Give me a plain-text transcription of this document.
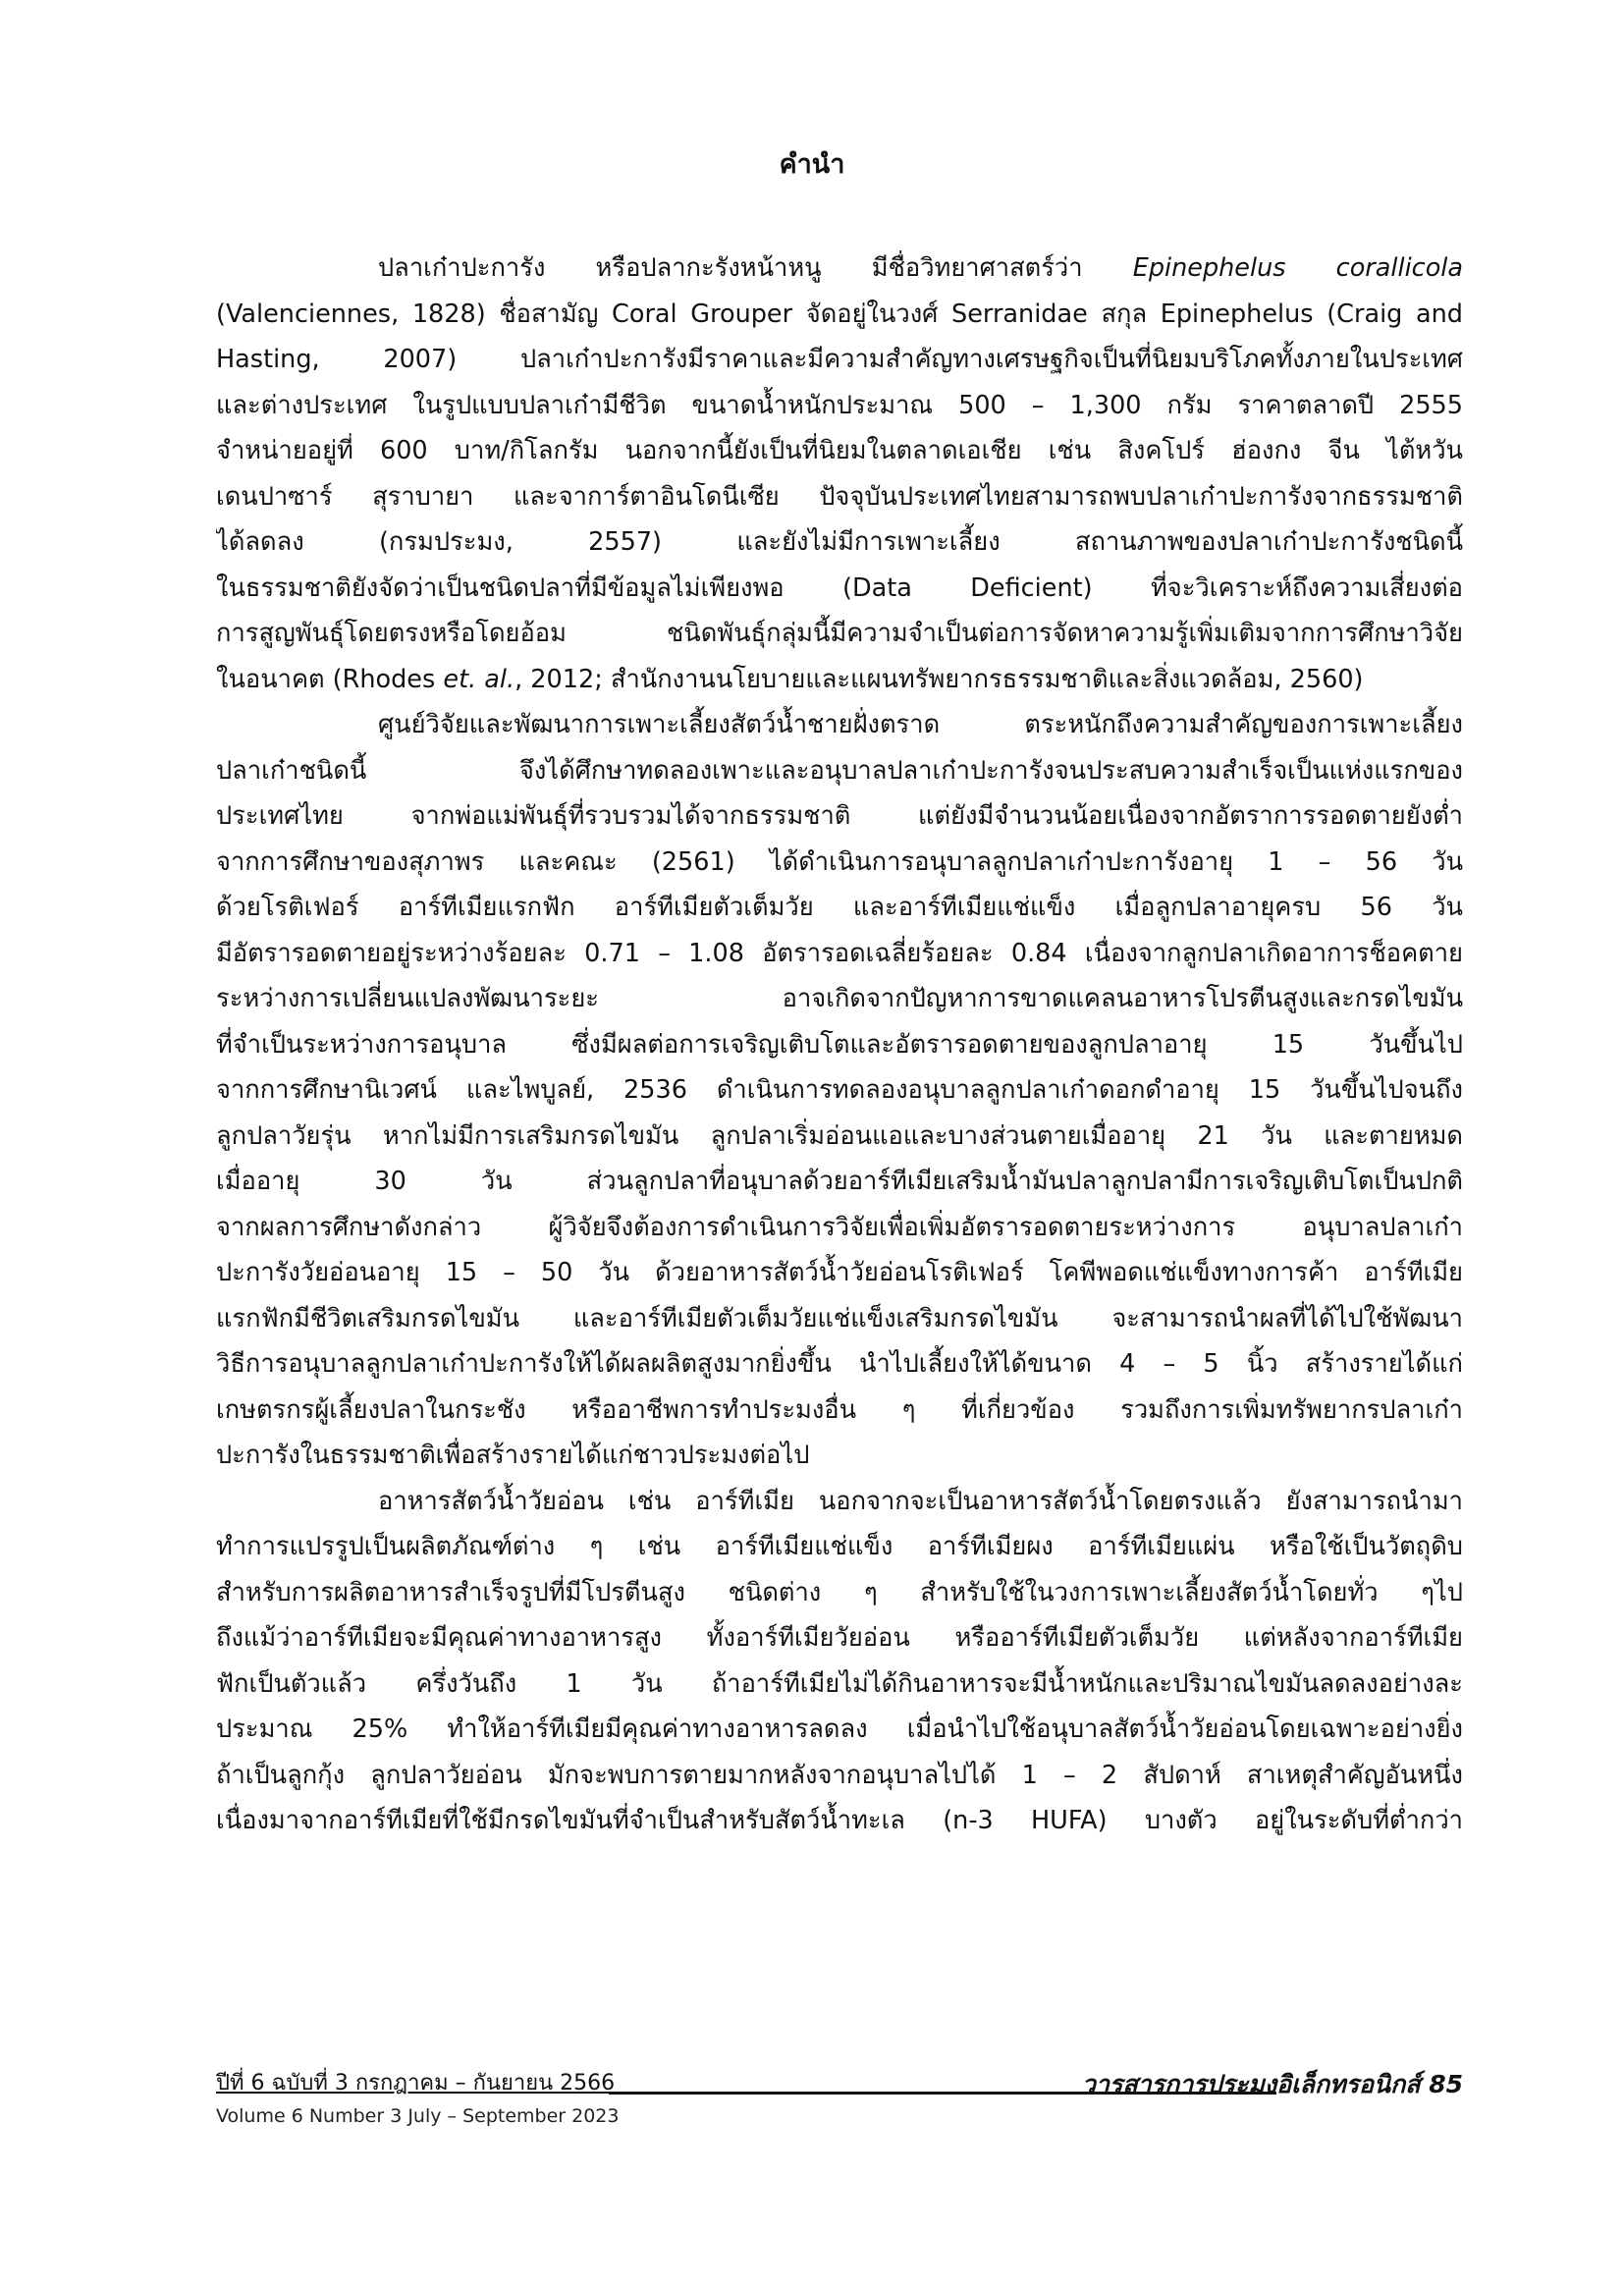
คำนำ
ปลาเก๋าปะการัง หรือปลากะรังหน้าหนู มีชื่อวิทยาศาสตร์ว่า Epinephelus corallicola
(Valenciennes, 1828) ชื่อสามัญ Coral Grouper จัดอยู่ในวงศ์ Serranidae สกุล Epinephelus (Craig and
Hasting, 2007) ปลาเก๋าปะการังมีราคาและมีความสำคัญทางเศรษฐกิจเป็นที่นิยมบริโภคทั้งภายในประเทศ
และต่างประเทศ ในรูปแบบปลาเก๋ามีชีวิต ขนาดน้ำหนักประมาณ 500 – 1,300 กรัม ราคาตลาดปี 2555
จำหน่ายอยู่ที่ 600 บาท/กิโลกรัม นอกจากนี้ยังเป็นที่นิยมในตลาดเอเชีย เช่น สิงคโปร์ ฮ่องกง จีน ไต้หวัน
เดนปาซาร์ สุราบายา และจาการ์ตาอินโดนีเซีย ปัจจุบันประเทศไทยสามารถพบปลาเก๋าปะการังจากธรรมชาติ
ได้ลดลง (กรมประมง, 2557) และยังไม่มีการเพาะเลี้ยง สถานภาพของปลาเก๋าปะการังชนิดนี้
ในธรรมชาติยังจัดว่าเป็นชนิดปลาที่มีข้อมูลไม่เพียงพอ (Data Deficient) ที่จะวิเคราะห์ถึงความเสี่ยงต่อ
การสูญพันธุ์โดยตรงหรือโดยอ้อม ชนิดพันธุ์กลุ่มนี้มีความจำเป็นต่อการจัดหาความรู้เพิ่มเติมจากการศึกษาวิจัย
ในอนาคต (Rhodes et. al., 2012; สำนักงานนโยบายและแผนทรัพยากรธรรมชาติและสิ่งแวดล้อม, 2560)
ศูนย์วิจัยและพัฒนาการเพาะเลี้ยงสัตว์น้ำชายฝั่งตราด ตระหนักถึงความสำคัญของการเพาะเลี้ยง
ปลาเก๋าชนิดนี้ จึงได้ศึกษาทดลองเพาะและอนุบาลปลาเก๋าปะการังจนประสบความสำเร็จเป็นแห่งแรกของ
ประเทศไทย จากพ่อแม่พันธุ์ที่รวบรวมได้จากธรรมชาติ แต่ยังมีจำนวนน้อยเนื่องจากอัตราการรอดตายยังต่ำ
จากการศึกษาของสุภาพร และคณะ (2561) ได้ดำเนินการอนุบาลลูกปลาเก๋าปะการังอายุ 1 – 56 วัน
ด้วยโรติเฟอร์ อาร์ทีเมียแรกฟัก อาร์ทีเมียตัวเต็มวัย และอาร์ทีเมียแช่แข็ง เมื่อลูกปลาอายุครบ 56 วัน
มีอัตรารอดตายอยู่ระหว่างร้อยละ 0.71 – 1.08 อัตรารอดเฉลี่ยร้อยละ 0.84 เนื่องจากลูกปลาเกิดอาการช็อคตาย
ระหว่างการเปลี่ยนแปลงพัฒนาระยะ อาจเกิดจากปัญหาการขาดแคลนอาหารโปรตีนสูงและกรดไขมัน
ที่จำเป็นระหว่างการอนุบาล ซึ่งมีผลต่อการเจริญเติบโตและอัตรารอดตายของลูกปลาอายุ 15 วันขึ้นไป
จากการศึกษานิเวศน์ และไพบูลย์, 2536 ดำเนินการทดลองอนุบาลลูกปลาเก๋าดอกดำอายุ 15 วันขึ้นไปจนถึง
ลูกปลาวัยรุ่น หากไม่มีการเสริมกรดไขมัน ลูกปลาเริ่มอ่อนแอและบางส่วนตายเมื่ออายุ 21 วัน และตายหมด
เมื่ออายุ 30 วัน ส่วนลูกปลาที่อนุบาลด้วยอาร์ทีเมียเสริมน้ำมันปลาลูกปลามีการเจริญเติบโตเป็นปกติ
จากผลการศึกษาดังกล่าว ผู้วิจัยจึงต้องการดำเนินการวิจัยเพื่อเพิ่มอัตรารอดตายระหว่างการ อนุบาลปลาเก๋า
ปะการังวัยอ่อนอายุ 15 – 50 วัน ด้วยอาหารสัตว์น้ำวัยอ่อนโรติเฟอร์ โคพีพอดแช่แข็งทางการค้า อาร์ทีเมีย
แรกฟักมีชีวิตเสริมกรดไขมัน และอาร์ทีเมียตัวเต็มวัยแช่แข็งเสริมกรดไขมัน จะสามารถนำผลที่ได้ไปใช้พัฒนา
วิธีการอนุบาลลูกปลาเก๋าปะการังให้ได้ผลผลิตสูงมากยิ่งขึ้น นำไปเลี้ยงให้ได้ขนาด 4 – 5 นิ้ว สร้างรายได้แก่
เกษตรกรผู้เลี้ยงปลาในกระชัง หรืออาชีพการทำประมงอื่น ๆ ที่เกี่ยวข้อง รวมถึงการเพิ่มทรัพยากรปลาเก๋า
ปะการังในธรรมชาติเพื่อสร้างรายได้แก่ชาวประมงต่อไป
อาหารสัตว์น้ำวัยอ่อน เช่น อาร์ทีเมีย นอกจากจะเป็นอาหารสัตว์น้ำโดยตรงแล้ว ยังสามารถนำมา
ทำการแปรรูปเป็นผลิตภัณฑ์ต่าง ๆ เช่น อาร์ทีเมียแช่แข็ง อาร์ทีเมียผง อาร์ทีเมียแผ่น หรือใช้เป็นวัตถุดิบ
สำหรับการผลิตอาหารสำเร็จรูปที่มีโปรตีนสูง ชนิดต่าง ๆ สำหรับใช้ในวงการเพาะเลี้ยงสัตว์น้ำโดยทั่ว ๆไป
ถึงแม้ว่าอาร์ทีเมียจะมีคุณค่าทางอาหารสูง ทั้งอาร์ทีเมียวัยอ่อน หรืออาร์ทีเมียตัวเต็มวัย แต่หลังจากอาร์ทีเมีย
ฟักเป็นตัวแล้ว ครึ่งวันถึง 1 วัน ถ้าอาร์ทีเมียไม่ได้กินอาหารจะมีน้ำหนักและปริมาณไขมันลดลงอย่างละ
ประมาณ 25% ทำให้อาร์ทีเมียมีคุณค่าทางอาหารลดลง เมื่อนำไปใช้อนุบาลสัตว์น้ำวัยอ่อนโดยเฉพาะอย่างยิ่ง
ถ้าเป็นลูกกุ้ง ลูกปลาวัยอ่อน มักจะพบการตายมากหลังจากอนุบาลไปได้ 1 – 2 สัปดาห์ สาเหตุสำคัญอันหนึ่ง
เนื่องมาจากอาร์ทีเมียที่ใช้มีกรดไขมันที่จำเป็นสำหรับสัตว์น้ำทะเล (n-3 HUFA) บางตัว อยู่ในระดับที่ต่ำกว่า
ปีที่ 6 ฉบับที่ 3 กรกฎาคม – กันยายน 2566	วารสารการประมงอิเล็กทรอนิกส์ 85
Volume 6 Number 3 July – September 2023
